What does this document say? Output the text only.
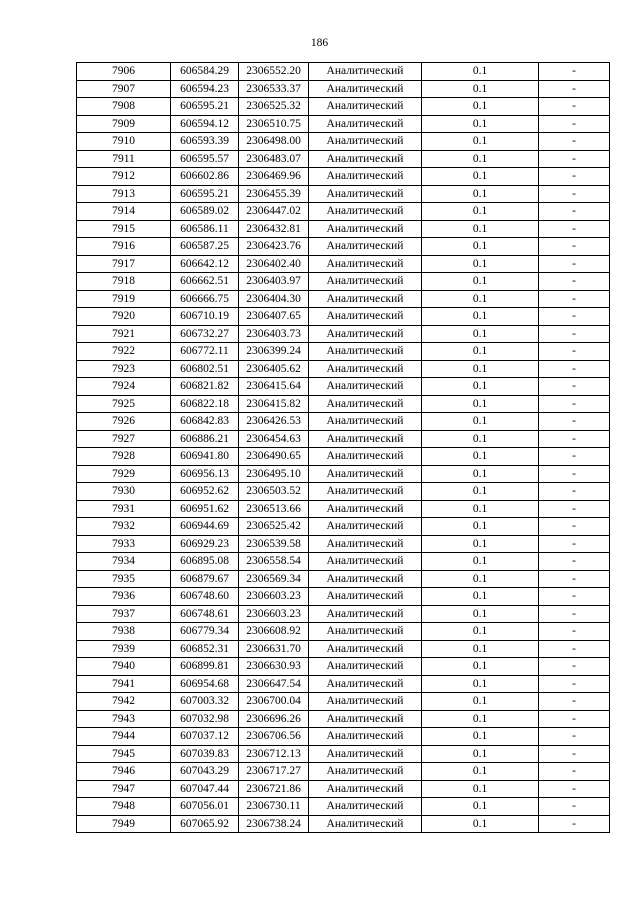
186
7906	606584.29	2306552.20	Аналитический	0.1	-
7907	606594.23	2306533.37	Аналитический	0.1	-
7908	606595.21	2306525.32	Аналитический	0.1	-
7909	606594.12	2306510.75	Аналитический	0.1	-
7910	606593.39	2306498.00	Аналитический	0.1	-
7911	606595.57	2306483.07	Аналитический	0.1	-
7912	606602.86	2306469.96	Аналитический	0.1	-
7913	606595.21	2306455.39	Аналитический	0.1	-
7914	606589.02	2306447.02	Аналитический	0.1	-
7915	606586.11	2306432.81	Аналитический	0.1	-
7916	606587.25	2306423.76	Аналитический	0.1	-
7917	606642.12	2306402.40	Аналитический	0.1	-
7918	606662.51	2306403.97	Аналитический	0.1	-
7919	606666.75	2306404.30	Аналитический	0.1	-
7920	606710.19	2306407.65	Аналитический	0.1	-
7921	606732.27	2306403.73	Аналитический	0.1	-
7922	606772.11	2306399.24	Аналитический	0.1	-
7923	606802.51	2306405.62	Аналитический	0.1	-
7924	606821.82	2306415.64	Аналитический	0.1	-
7925	606822.18	2306415.82	Аналитический	0.1	-
7926	606842.83	2306426.53	Аналитический	0.1	-
7927	606886.21	2306454.63	Аналитический	0.1	-
7928	606941.80	2306490.65	Аналитический	0.1	-
7929	606956.13	2306495.10	Аналитический	0.1	-
7930	606952.62	2306503.52	Аналитический	0.1	-
7931	606951.62	2306513.66	Аналитический	0.1	-
7932	606944.69	2306525.42	Аналитический	0.1	-
7933	606929.23	2306539.58	Аналитический	0.1	-
7934	606895.08	2306558.54	Аналитический	0.1	-
7935	606879.67	2306569.34	Аналитический	0.1	-
7936	606748.60	2306603.23	Аналитический	0.1	-
7937	606748.61	2306603.23	Аналитический	0.1	-
7938	606779.34	2306608.92	Аналитический	0.1	-
7939	606852.31	2306631.70	Аналитический	0.1	-
7940	606899.81	2306630.93	Аналитический	0.1	-
7941	606954.68	2306647.54	Аналитический	0.1	-
7942	607003.32	2306700.04	Аналитический	0.1	-
7943	607032.98	2306696.26	Аналитический	0.1	-
7944	607037.12	2306706.56	Аналитический	0.1	-
7945	607039.83	2306712.13	Аналитический	0.1	-
7946	607043.29	2306717.27	Аналитический	0.1	-
7947	607047.44	2306721.86	Аналитический	0.1	-
7948	607056.01	2306730.11	Аналитический	0.1	-
7949	607065.92	2306738.24	Аналитический	0.1	-
